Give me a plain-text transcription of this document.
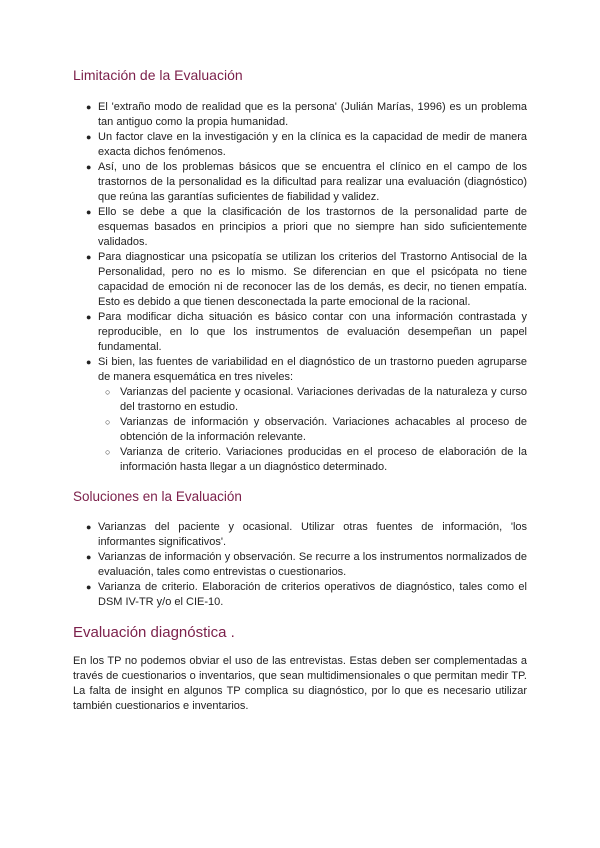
Limitación de la Evaluación
● El 'extraño modo de realidad que es la persona' (Julián Marías, 1996) es un problema tan antiguo como la propia humanidad.
● Un factor clave en la investigación y en la clínica es la capacidad de medir de manera exacta dichos fenómenos.
● Así, uno de los problemas básicos que se encuentra el clínico en el campo de los trastornos de la personalidad es la dificultad para realizar una evaluación (diagnóstico) que reúna las garantías suficientes de fiabilidad y validez.
● Ello se debe a que la clasificación de los trastornos de la personalidad parte de esquemas basados en principios a priori que no siempre han sido suficientemente validados.
● Para diagnosticar una psicopatía se utilizan los criterios del Trastorno Antisocial de la Personalidad, pero no es lo mismo. Se diferencian en que el psicópata no tiene capacidad de emoción ni de reconocer las de los demás, es decir, no tienen empatía. Esto es debido a que tienen desconectada la parte emocional de la racional.
● Para modificar dicha situación es básico contar con una información contrastada y reproducible, en lo que los instrumentos de evaluación desempeñan un papel fundamental.
● Si bien, las fuentes de variabilidad en el diagnóstico de un trastorno pueden agruparse de manera esquemática en tres niveles:
○ Varianzas del paciente y ocasional. Variaciones derivadas de la naturaleza y curso del trastorno en estudio.
○ Varianzas de información y observación. Variaciones achacables al proceso de obtención de la información relevante.
○ Varianza de criterio. Variaciones producidas en el proceso de elaboración de la información hasta llegar a un diagnóstico determinado.
Soluciones en la Evaluación
● Varianzas del paciente y ocasional. Utilizar otras fuentes de información, 'los informantes significativos'.
● Varianzas de información y observación. Se recurre a los instrumentos normalizados de evaluación, tales como entrevistas o cuestionarios.
● Varianza de criterio. Elaboración de criterios operativos de diagnóstico, tales como el DSM IV-TR y/o el CIE-10.
Evaluación diagnóstica .

En los TP no podemos obviar el uso de las entrevistas. Estas deben ser complementadas a través de cuestionarios o inventarios, que sean multidimensionales o que permitan medir TP. La falta de insight en algunos TP complica su diagnóstico, por lo que es necesario utilizar también cuestionarios e inventarios.
